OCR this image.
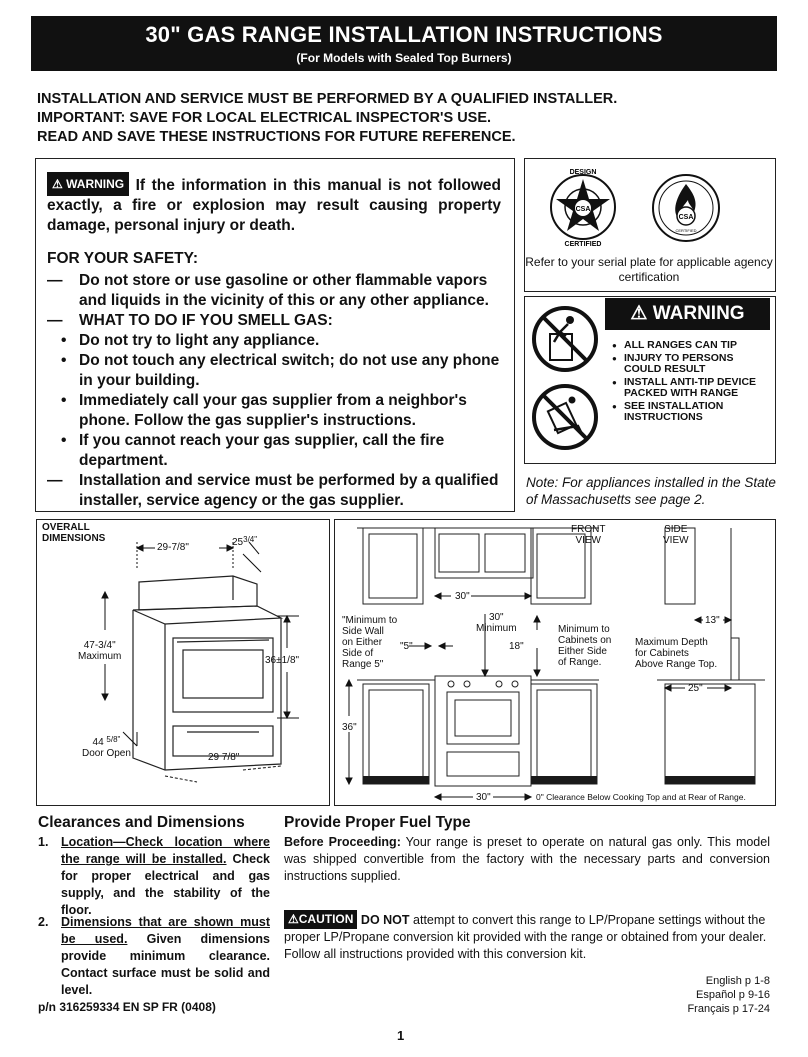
30" GAS RANGE INSTALLATION INSTRUCTIONS
(For Models with Sealed Top Burners)
INSTALLATION AND SERVICE MUST BE PERFORMED BY A QUALIFIED INSTALLER.
IMPORTANT: SAVE FOR LOCAL ELECTRICAL INSPECTOR'S USE.
READ AND SAVE THESE INSTRUCTIONS FOR FUTURE REFERENCE.
⚠ WARNING If the information in this manual is not followed exactly, a fire or explosion may result causing property damage, personal injury or death.
FOR YOUR SAFETY:
— Do not store or use gasoline or other flammable vapors and liquids in the vicinity of this or any other appliance.
— WHAT TO DO IF YOU SMELL GAS:
• Do not try to light any appliance.
• Do not touch any electrical switch; do not use any phone in your building.
• Immediately call your gas supplier from a neighbor's phone. Follow the gas supplier's instructions.
• If you cannot reach your gas supplier, call the fire department.
— Installation and service must be performed by a qualified installer, service agency or the gas supplier.
CSA
DESIGN
CERTIFIED
CSA
CERTIFIED
Refer to your serial plate for applicable agency certification
⚠ WARNING
● ALL RANGES CAN TIP
● INJURY TO PERSONS COULD RESULT
● INSTALL ANTI-TIP DEVICE PACKED WITH RANGE
● SEE INSTALLATION INSTRUCTIONS
Note: For appliances installed in the State of Massachusetts see page 2.
OVERALL
DIMENSIONS
29-7/8"	$25^{3/4"}$
47-3/4"
Maximum	36±1/8"
44 $^{5/8"}$
Door Open	29 7/8"
FRONT
VIEW
SIDE
VIEW
30"
30"
Minimum
"Minimum to
Side Wall
on Either
Side of
Range 5"
"5"	18"
Minimum to
Cabinets on
Either Side
of Range.
13"
Maximum Depth
for Cabinets
Above Range Top.
25"
36"
30"	0" Clearance Below Cooking Top and at Rear of Range.
Clearances and Dimensions
1.	Location—Check location where the range will be installed. Check for proper electrical and gas supply, and the stability of the floor.
2.	Dimensions that are shown must be used. Given dimensions provide minimum clearance. Contact surface must be solid and level.
Provide Proper Fuel Type
Before Proceeding: Your range is preset to operate on natural gas only. This model was shipped convertible from the factory with the necessary parts and conversion instructions supplied.
⚠CAUTION DO NOT attempt to convert this range to LP/Propane settings without the proper LP/Propane conversion kit provided with the range or obtained from your dealer. Follow all instructions provided with this conversion kit.
p/n 316259334 EN SP FR (0408)
English p 1-8
Español p 9-16
Français p 17-24
1
